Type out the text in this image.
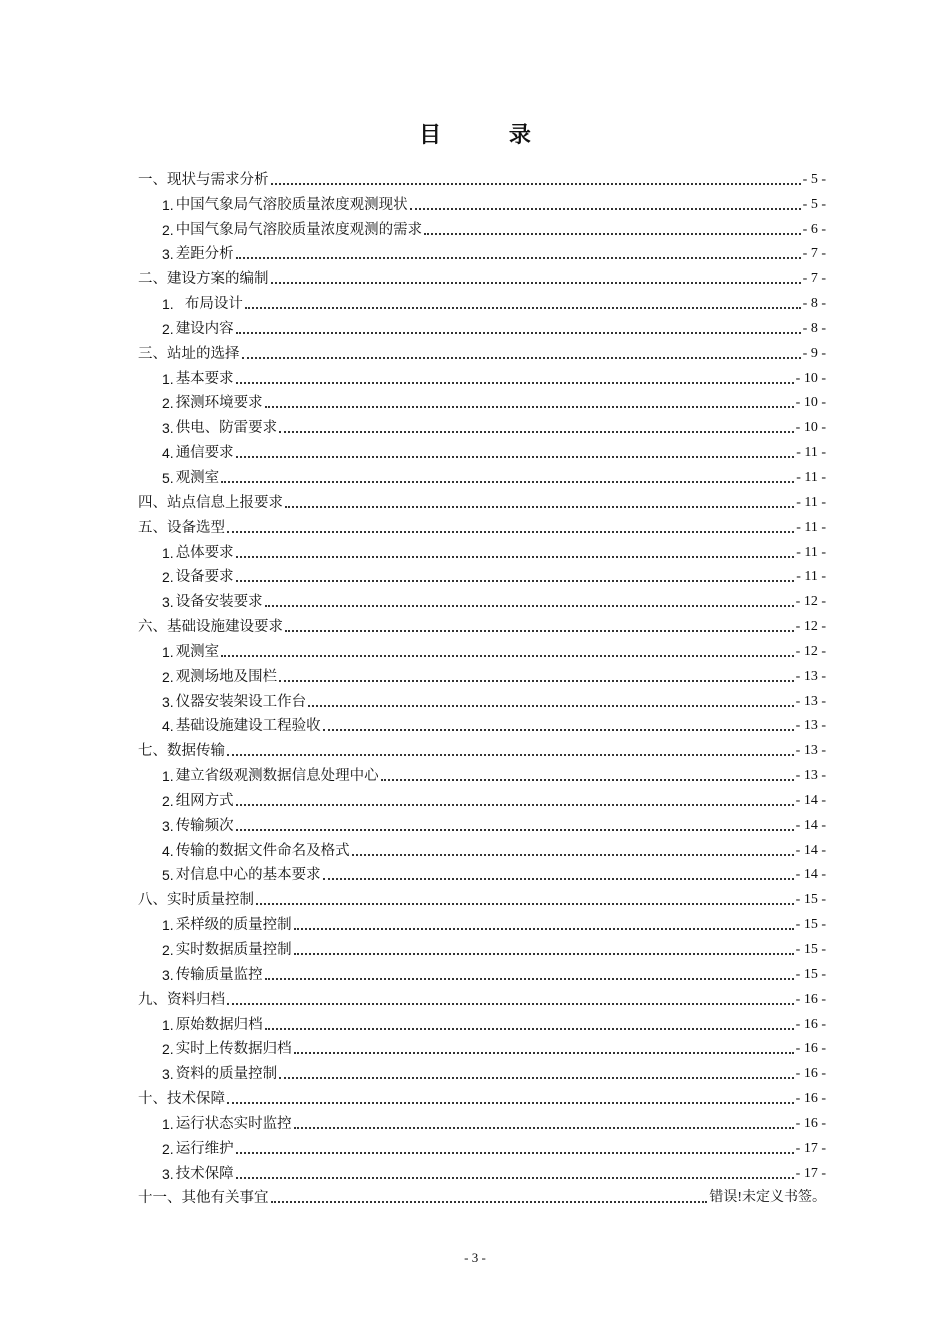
目 录
一、现状与需求分析	- 5 -
1. 中国气象局气溶胶质量浓度观测现状	- 5 -
2. 中国气象局气溶胶质量浓度观测的需求	- 6 -
3. 差距分析	- 7 -
二、建设方案的编制	- 7 -
1. 布局设计	- 8 -
2. 建设内容	- 8 -
三、站址的选择	- 9 -
1. 基本要求	- 10 -
2. 探测环境要求	- 10 -
3. 供电、防雷要求	- 10 -
4. 通信要求	- 11 -
5. 观测室	- 11 -
四、站点信息上报要求	- 11 -
五、设备选型	- 11 -
1. 总体要求	- 11 -
2. 设备要求	- 11 -
3. 设备安装要求	- 12 -
六、基础设施建设要求	- 12 -
1. 观测室	- 12 -
2. 观测场地及围栏	- 13 -
3. 仪器安装架设工作台	- 13 -
4. 基础设施建设工程验收	- 13 -
七、数据传输	- 13 -
1. 建立省级观测数据信息处理中心	- 13 -
2. 组网方式	- 14 -
3. 传输频次	- 14 -
4. 传输的数据文件命名及格式	- 14 -
5. 对信息中心的基本要求	- 14 -
八、实时质量控制	- 15 -
1. 采样级的质量控制	- 15 -
2. 实时数据质量控制	- 15 -
3. 传输质量监控	- 15 -
九、资料归档	- 16 -
1. 原始数据归档	- 16 -
2. 实时上传数据归档	- 16 -
3. 资料的质量控制	- 16 -
十、技术保障	- 16 -
1. 运行状态实时监控	- 16 -
2. 运行维护	- 17 -
3. 技术保障	- 17 -
十一、其他有关事宜	错误!未定义书签。
- 3 -
